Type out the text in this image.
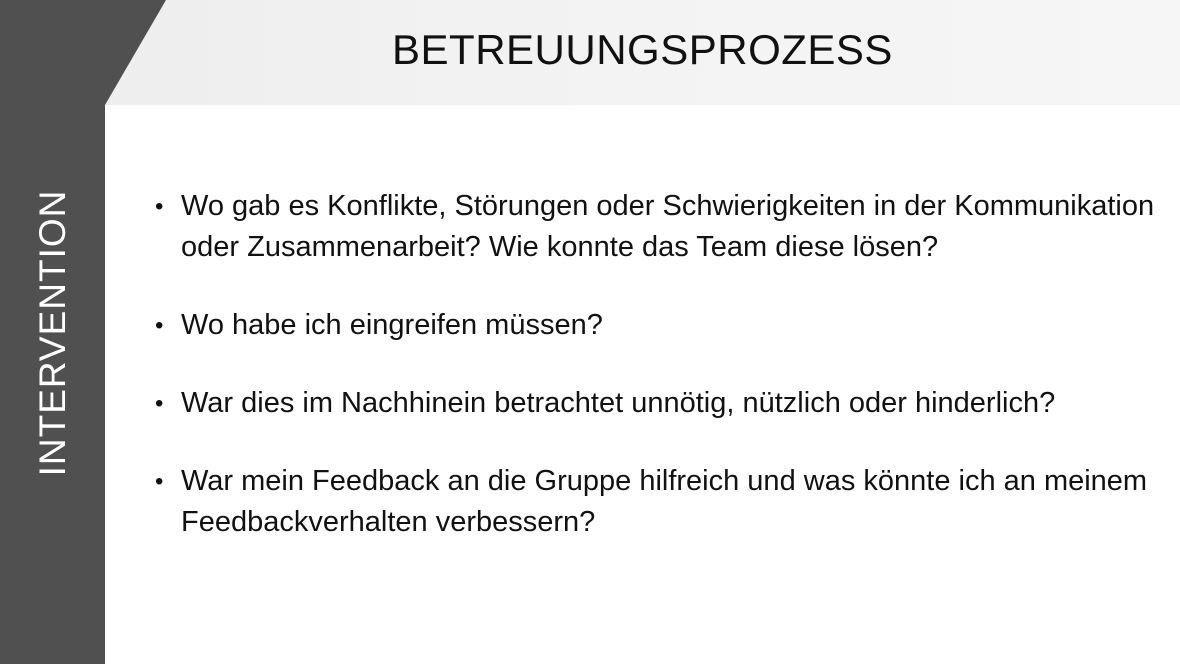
BETREUUNGSPROZESS
INTERVENTION	• Wo gab es Konflikte, Störungen oder Schwierigkeiten in der Kommunikation oder Zusammenarbeit? Wie konnte das Team diese lösen?
• Wo habe ich eingreifen müssen?
• War dies im Nachhinein betrachtet unnötig, nützlich oder hinderlich?
• War mein Feedback an die Gruppe hilfreich und was könnte ich an meinem Feedbackverhalten verbessern?
